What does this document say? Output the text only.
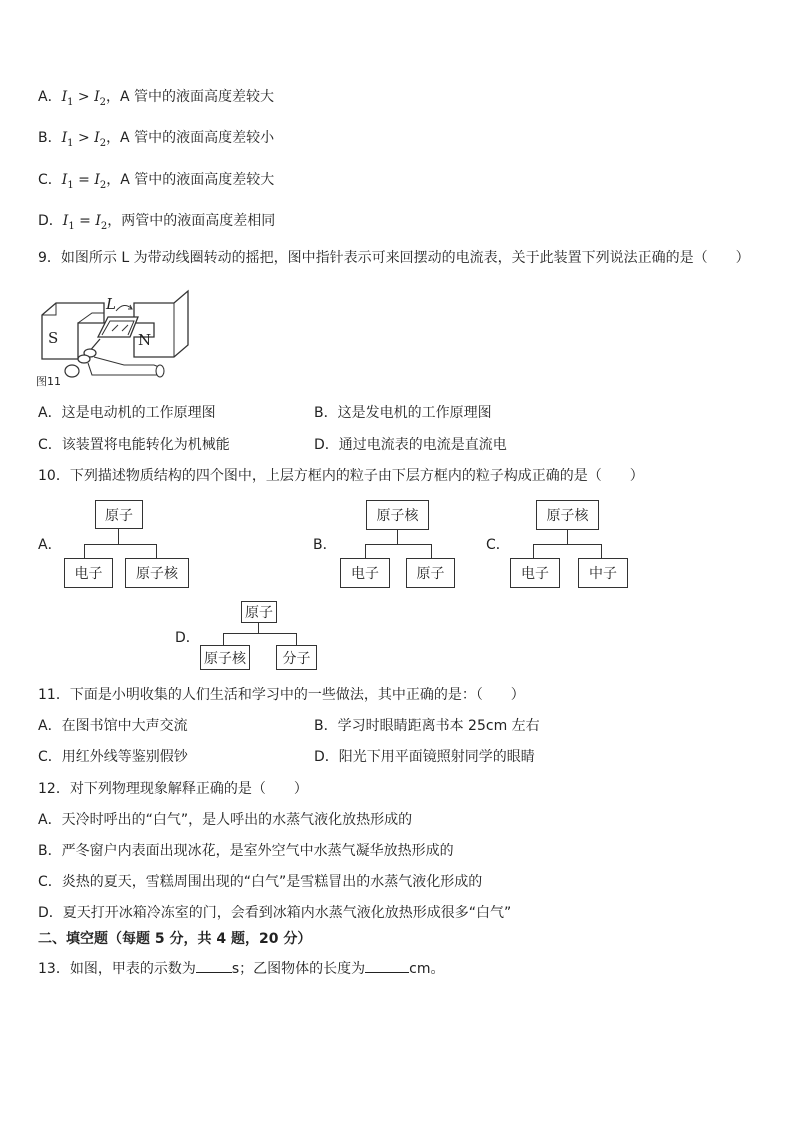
A．$I_1 > I_2$，A 管中的液面高度差较大
B．$I_1 > I_2$，A 管中的液面高度差较小
C．$I_1 = I_2$，A 管中的液面高度差较大
D．$I_1 = I_2$，两管中的液面高度差相同
9．如图所示 L 为带动线圈转动的摇把，图中指针表示可来回摆动的电流表，关于此装置下列说法正确的是（　　）
S	N
L
图11
A．这是电动机的工作原理图	B．这是发电机的工作原理图
C．该装置将电能转化为机械能	D．通过电流表的电流是直流电
10．下列描述物质结构的四个图中，上层方框内的粒子由下层方框内的粒子构成正确的是（　　）
A．
原子
电子	原子核
B．
原子核
电子	原子
C．
原子核
电子	中子
D．
原子
原子核	分子
11．下面是小明收集的人们生活和学习中的一些做法，其中正确的是：（　　）
A．在图书馆中大声交流	B．学习时眼睛距离书本 25cm 左右
C．用红外线等鉴别假钞	D．阳光下用平面镜照射同学的眼睛
12．对下列物理现象解释正确的是（　　）
A．天冷时呼出的“白气”，是人呼出的水蒸气液化放热形成的
B．严冬窗户内表面出现冰花，是室外空气中水蒸气凝华放热形成的
C．炎热的夏天，雪糕周围出现的“白气”是雪糕冒出的水蒸气液化形成的
D．夏天打开冰箱冷冻室的门，会看到冰箱内水蒸气液化放热形成很多“白气”
二、填空题（每题 5 分，共 4 题，20 分）
13．如图，甲表的示数为	s；乙图物体的长度为	cm。
